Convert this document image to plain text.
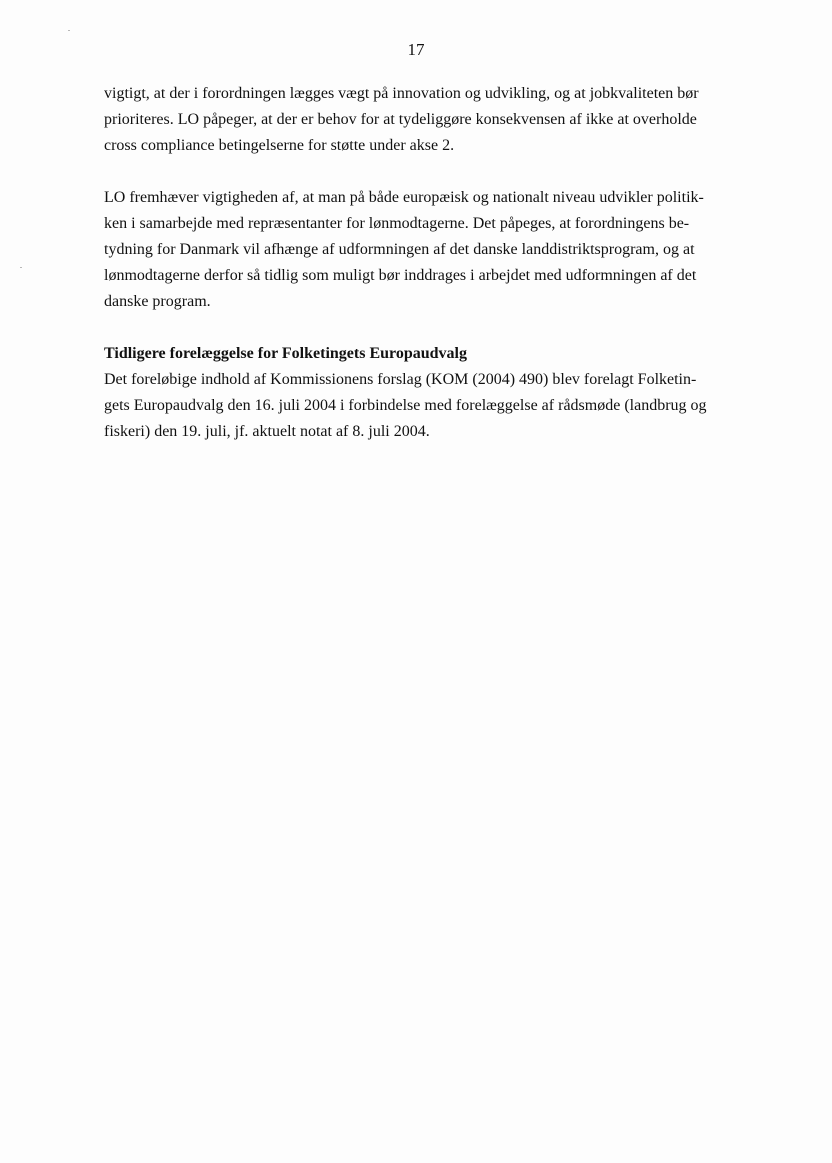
17

vigtigt, at der i forordningen lægges vægt på innovation og udvikling, og at jobkvaliteten bør
prioriteres. LO påpeger, at der er behov for at tydeliggøre konsekvensen af ikke at overholde
cross compliance betingelserne for støtte under akse 2.

LO fremhæver vigtigheden af, at man på både europæisk og nationalt niveau udvikler politik-
ken i samarbejde med repræsentanter for lønmodtagerne. Det påpeges, at forordningens be-
tydning for Danmark vil afhænge af udformningen af det danske landdistriktsprogram, og at
lønmodtagerne derfor så tidlig som muligt bør inddrages i arbejdet med udformningen af det
danske program.

Tidligere forelæggelse for Folketingets Europaudvalg
Det foreløbige indhold af Kommissionens forslag (KOM (2004) 490) blev forelagt Folketin-
gets Europaudvalg den 16. juli 2004 i forbindelse med forelæggelse af rådsmøde (landbrug og
fiskeri) den 19. juli, jf. aktuelt notat af 8. juli 2004.
